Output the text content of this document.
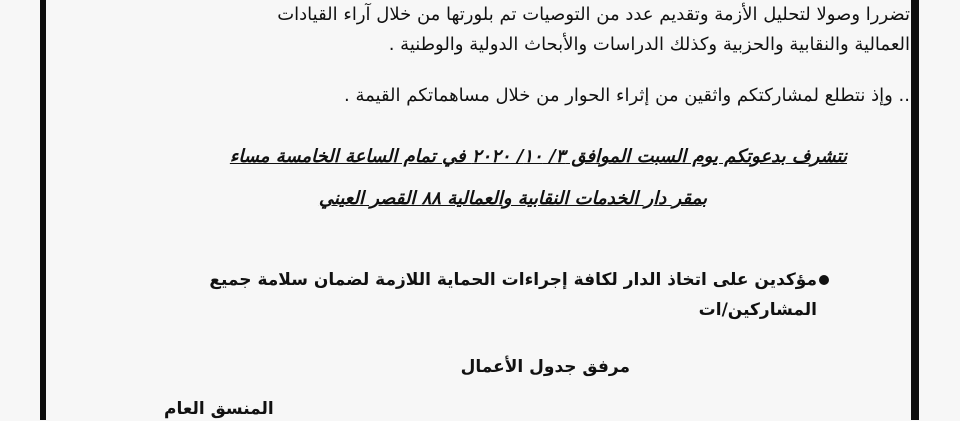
تضررا وصولا لتحليل الأزمة وتقديم عدد من التوصيات تم بلورتها من خلال آراء القيادات
العمالية والنقابية والحزبية وكذلك الدراسات والأبحاث الدولية والوطنية .
.. وإذ نتطلع لمشاركتكم واثقين من إثراء الحوار من خلال مساهماتكم القيمة .
نتشرف بدعوتكم يوم السبت الموافق ٣/ ١٠/ ٢٠٢٠ في تمام الساعة الخامسة مساء
بمقر دار الخدمات النقابية والعمالية ٨٨ القصر العيني
مؤكدين على اتخاذ الدار لكافة إجراءات الحماية اللازمة لضمان سلامة جميع
المشاركين/ات
مرفق جدول الأعمال
المنسق العام
